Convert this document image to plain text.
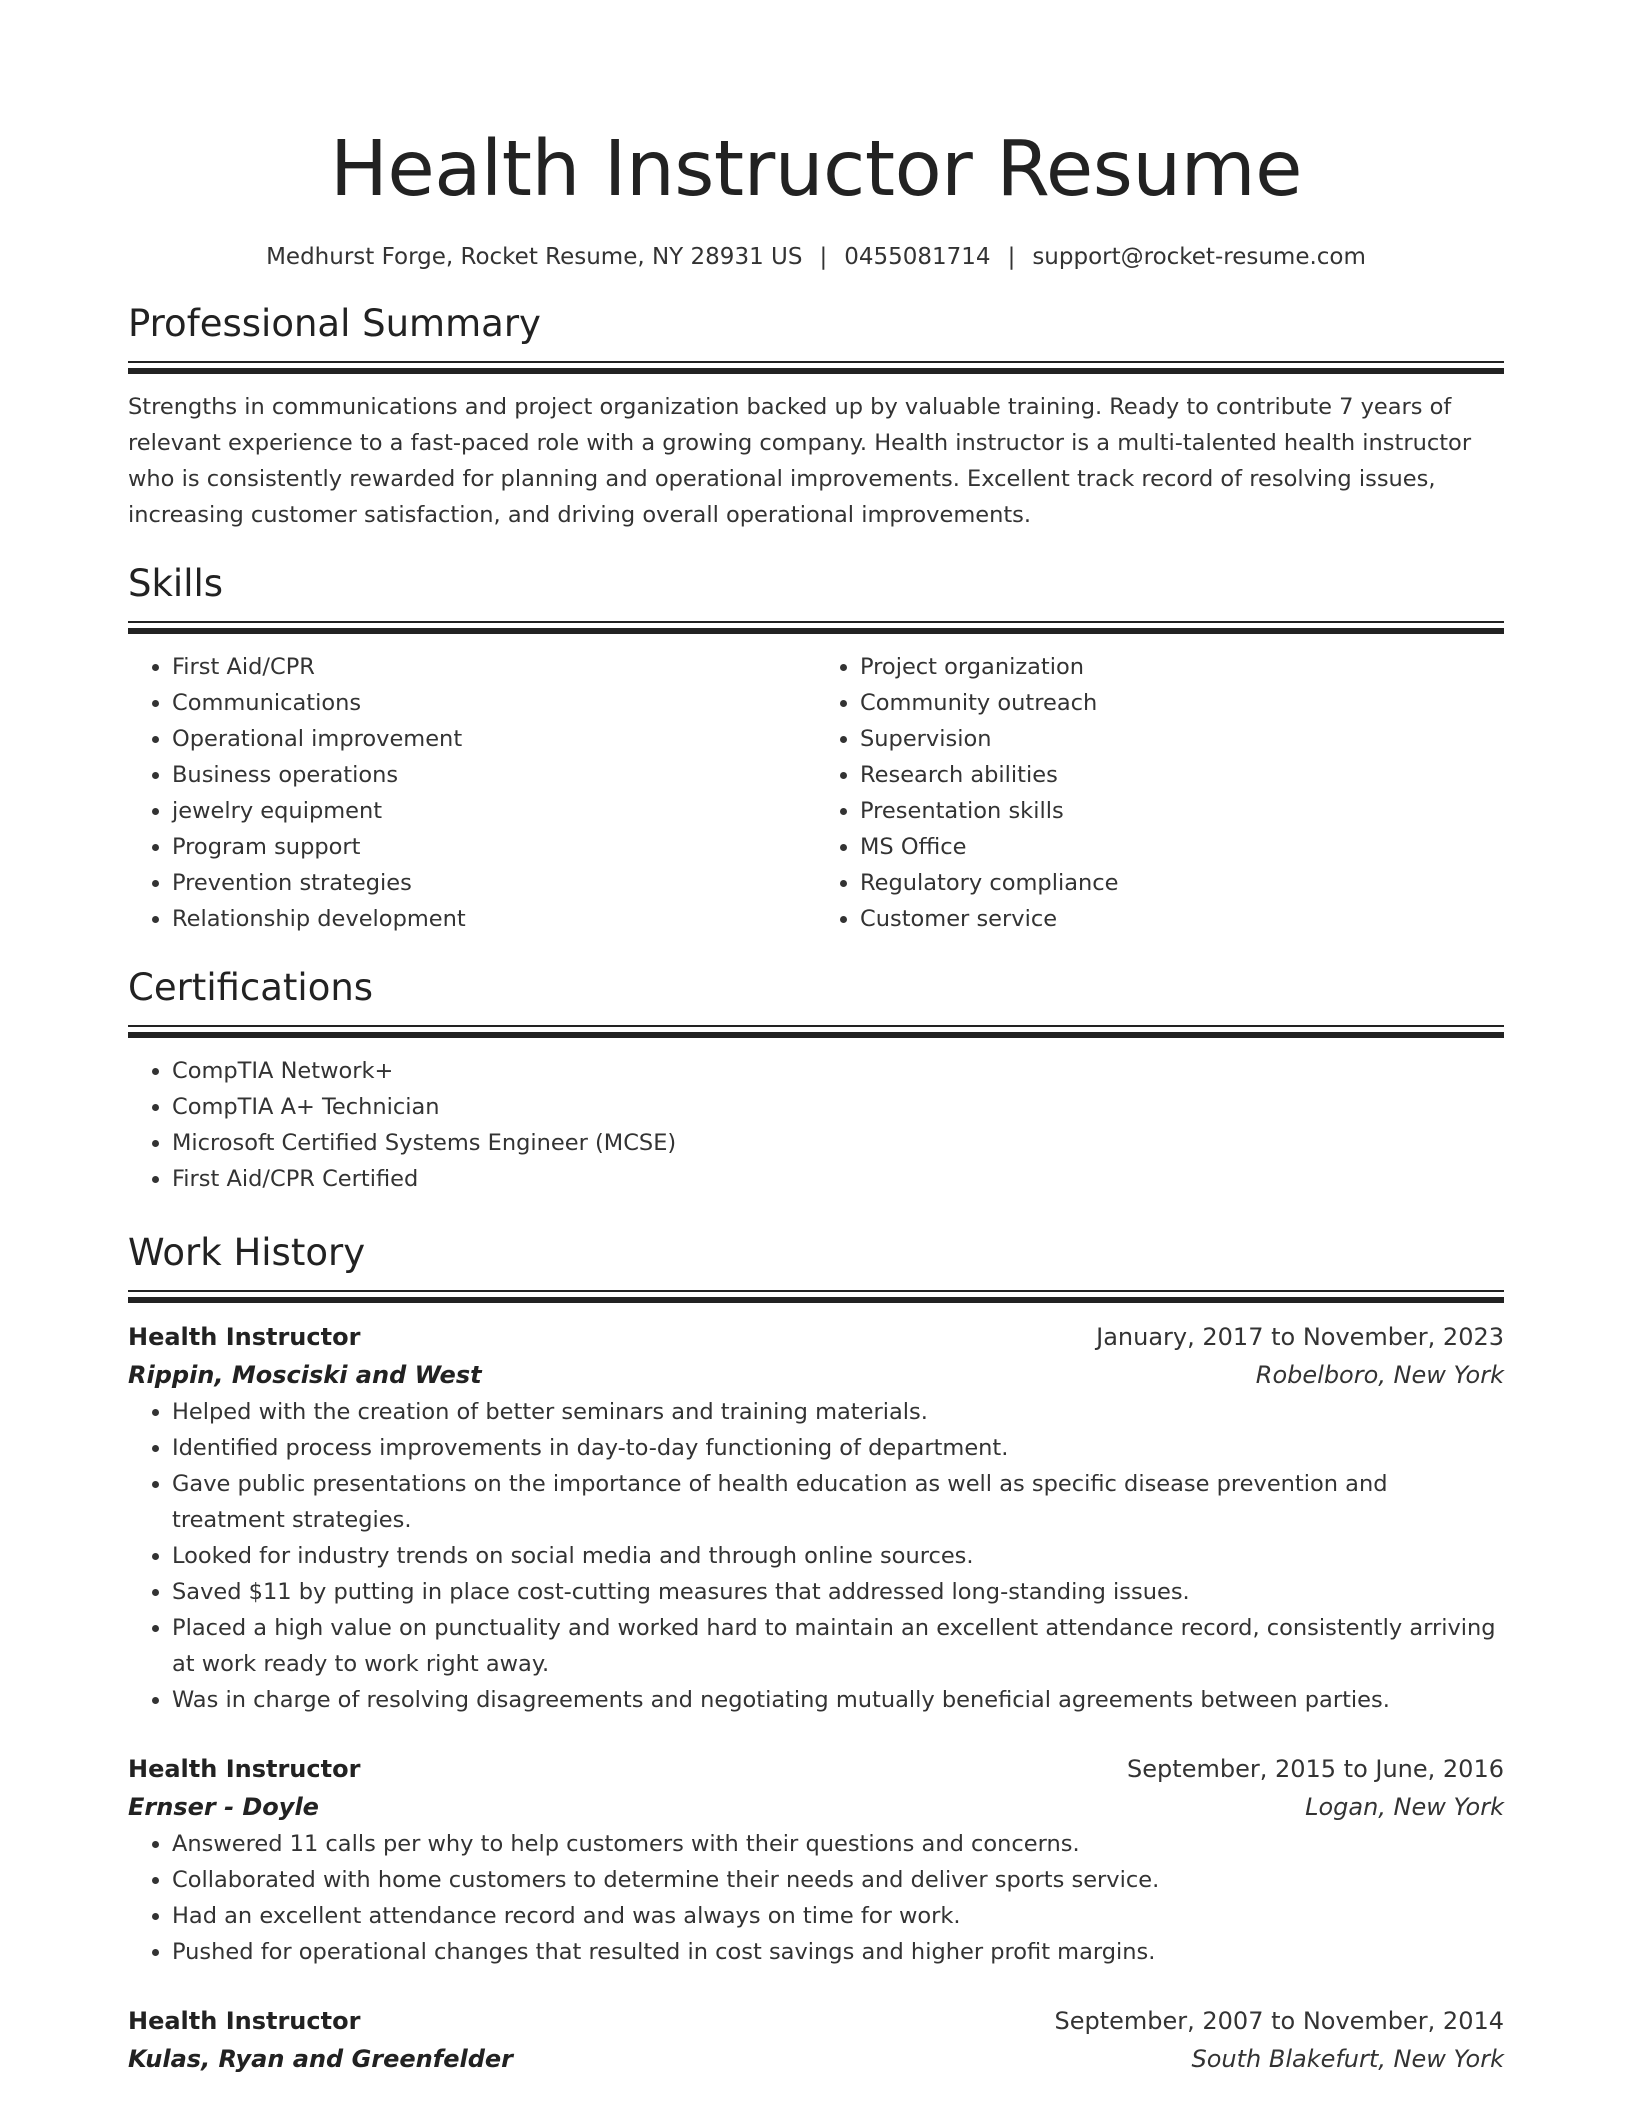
Health Instructor Resume
Medhurst Forge, Rocket Resume, NY 28931 US | 0455081714 | support@rocket-resume.com
Professional Summary

Strengths in communications and project organization backed up by valuable training. Ready to contribute 7 years of relevant experience to a fast-paced role with a growing company. Health instructor is a multi-talented health instructor who is consistently rewarded for planning and operational improvements. Excellent track record of resolving issues, increasing customer satisfaction, and driving overall operational improvements.

Skills
• First Aid/CPR
• Communications
• Operational improvement
• Business operations
• jewelry equipment
• Program support
• Prevention strategies
• Relationship development
• Project organization
• Community outreach
• Supervision
• Research abilities
• Presentation skills
• MS Office
• Regulatory compliance
• Customer service
Certifications
• CompTIA Network+
• CompTIA A+ Technician
• Microsoft Certified Systems Engineer (MCSE)
• First Aid/CPR Certified
Work History
Health Instructor	January, 2017 to November, 2023
Rippin, Mosciski and West	Robelboro, New York
• Helped with the creation of better seminars and training materials.
• Identified process improvements in day-to-day functioning of department.
• Gave public presentations on the importance of health education as well as specific disease prevention and treatment strategies.
• Looked for industry trends on social media and through online sources.
• Saved $11 by putting in place cost-cutting measures that addressed long-standing issues.
• Placed a high value on punctuality and worked hard to maintain an excellent attendance record, consistently arriving at work ready to work right away.
• Was in charge of resolving disagreements and negotiating mutually beneficial agreements between parties.
Health Instructor	September, 2015 to June, 2016
Ernser - Doyle	Logan, New York
• Answered 11 calls per why to help customers with their questions and concerns.
• Collaborated with home customers to determine their needs and deliver sports service.
• Had an excellent attendance record and was always on time for work.
• Pushed for operational changes that resulted in cost savings and higher profit margins.
Health Instructor	September, 2007 to November, 2014
Kulas, Ryan and Greenfelder	South Blakefurt, New York
